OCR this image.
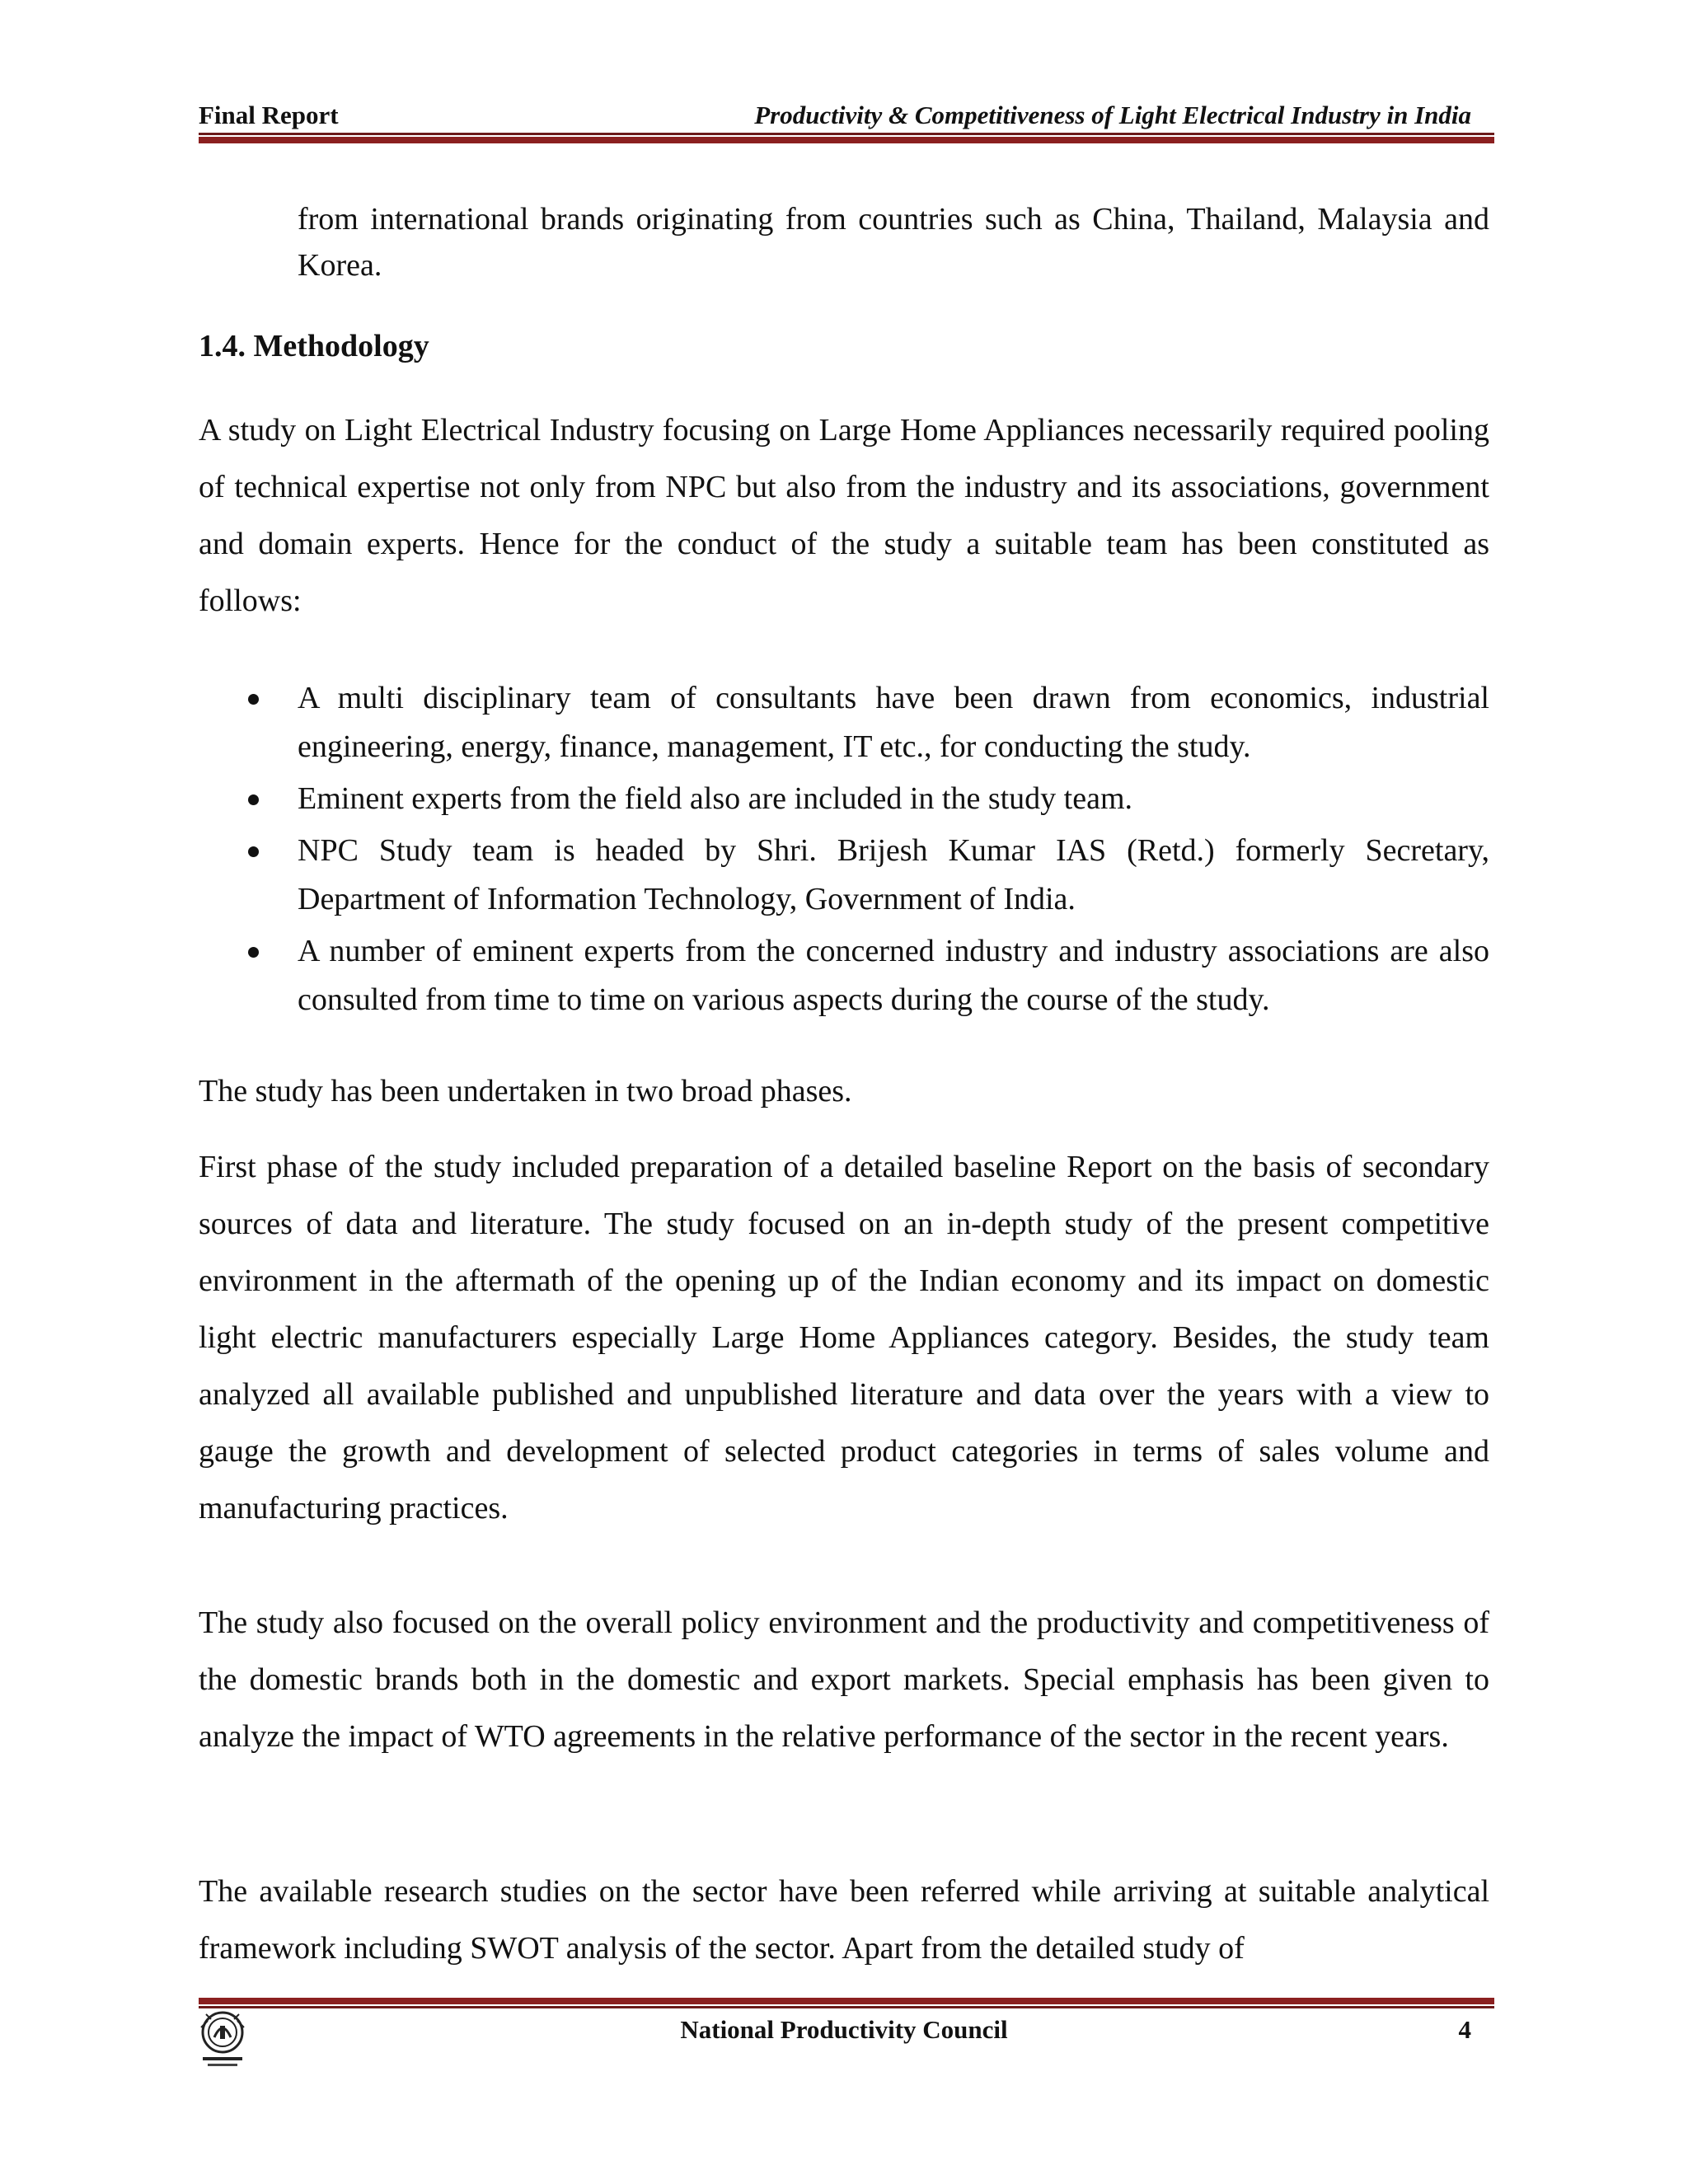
Final Report	Productivity & Competitiveness of Light Electrical Industry in India
from international brands originating from countries such as China, Thailand, Malaysia and Korea.
1.4. Methodology
A study on Light Electrical Industry focusing on Large Home Appliances necessarily required pooling of technical expertise not only from NPC but also from the industry and its associations, government and domain experts. Hence for the conduct of the study a suitable team has been constituted as follows:
A multi disciplinary team of consultants have been drawn from economics, industrial engineering, energy, finance, management, IT etc., for conducting the study.
Eminent experts from the field also are included in the study team.
NPC Study team is headed by Shri. Brijesh Kumar IAS (Retd.) formerly Secretary, Department of Information Technology, Government of India.
A number of eminent experts from the concerned industry and industry associations are also consulted from time to time on various aspects during the course of the study.
The study has been undertaken in two broad phases.
First phase of the study included preparation of a detailed baseline Report on the basis of secondary sources of data and literature. The study focused on an in-depth study of the present competitive environment in the aftermath of the opening up of the Indian economy and its impact on domestic light electric manufacturers especially Large Home Appliances category. Besides, the study team analyzed all available published and unpublished literature and data over the years with a view to gauge the growth and development of selected product categories in terms of sales volume and manufacturing practices.
The study also focused on the overall policy environment and the productivity and competitiveness of the domestic brands both in the domestic and export markets. Special emphasis has been given to analyze the impact of WTO agreements in the relative performance of the sector in the recent years.
The available research studies on the sector have been referred while arriving at suitable analytical framework including SWOT analysis of the sector. Apart from the detailed study of
National Productivity Council	4
